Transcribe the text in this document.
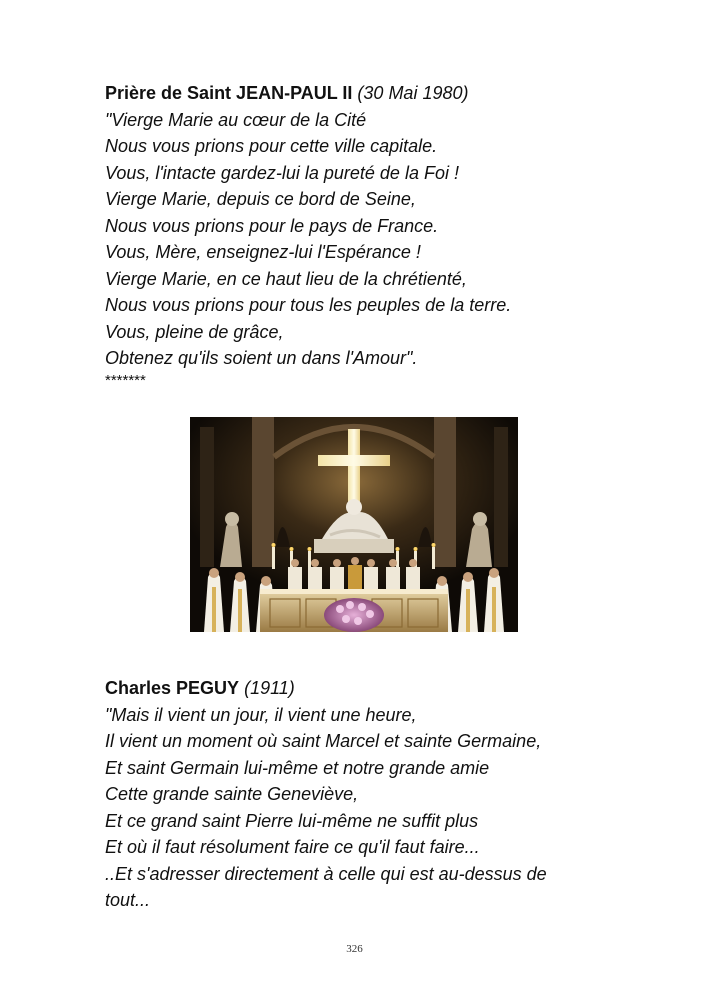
Prière de Saint JEAN-PAUL II (30 Mai 1980)
"Vierge Marie au cœur de la Cité
Nous vous prions pour cette ville capitale.
Vous, l'intacte gardez-lui la pureté de la Foi !
Vierge Marie, depuis ce bord de Seine,
Nous vous prions pour le pays de France.
Vous, Mère, enseignez-lui l'Espérance !
Vierge Marie, en ce haut lieu de la chrétienté,
Nous vous prions pour tous les peuples de la terre.
Vous, pleine de grâce,
Obtenez qu'ils soient un dans l'Amour".
*******
Charles PEGUY (1911)
"Mais il vient un jour, il vient une heure,
Il vient un moment où saint Marcel et sainte Germaine,
Et saint Germain lui-même et notre grande amie
Cette grande sainte Geneviève,
Et ce grand saint Pierre lui-même ne suffit plus
Et où il faut résolument faire ce qu'il faut faire...
..Et s'adresser directement à celle qui est au-dessus de
tout...
326
